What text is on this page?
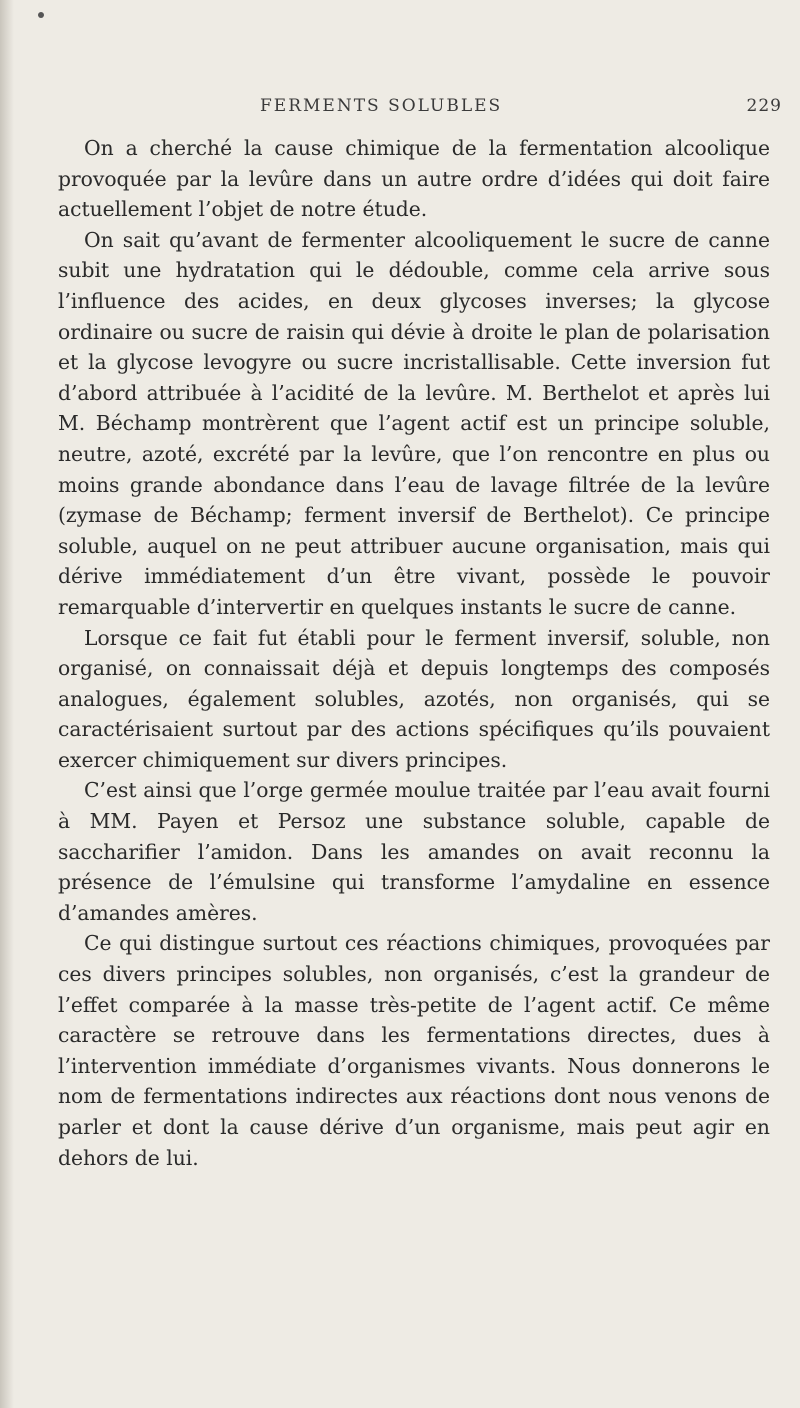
FERMENTS SOLUBLES	229

On a cherché la cause chimique de la fermentation alcoolique provoquée par la levûre dans un autre ordre d’idées qui doit faire actuellement l’objet de notre étude.

On sait qu’avant de fermenter alcooliquement le sucre de canne subit une hydratation qui le dédouble, comme cela arrive sous l’influence des acides, en deux glycoses inverses; la glycose ordinaire ou sucre de raisin qui dévie à droite le plan de polarisation et la glycose levogyre ou sucre incristallisable. Cette inversion fut d’abord attribuée à l’acidité de la levûre. M. Berthelot et après lui M. Béchamp montrèrent que l’agent actif est un principe soluble, neutre, azoté, excrété par la levûre, que l’on rencontre en plus ou moins grande abondance dans l’eau de lavage filtrée de la levûre (zymase de Béchamp; ferment inversif de Berthelot). Ce principe soluble, auquel on ne peut attribuer aucune organisation, mais qui dérive immédiatement d’un être vivant, possède le pouvoir remarquable d’intervertir en quelques instants le sucre de canne.

Lorsque ce fait fut établi pour le ferment inversif, soluble, non organisé, on connaissait déjà et depuis longtemps des composés analogues, également solubles, azotés, non organisés, qui se caractérisaient surtout par des actions spécifiques qu’ils pouvaient exercer chimiquement sur divers principes.

C’est ainsi que l’orge germée moulue traitée par l’eau avait fourni à MM. Payen et Persoz une substance soluble, capable de saccharifier l’amidon. Dans les amandes on avait reconnu la présence de l’émulsine qui transforme l’amydaline en essence d’amandes amères.

Ce qui distingue surtout ces réactions chimiques, provoquées par ces divers principes solubles, non organisés, c’est la grandeur de l’effet comparée à la masse très-petite de l’agent actif. Ce même caractère se retrouve dans les fermentations directes, dues à l’intervention immédiate d’organismes vivants. Nous donnerons le nom de fermentations indirectes aux réactions dont nous venons de parler et dont la cause dérive d’un organisme, mais peut agir en dehors de lui.
